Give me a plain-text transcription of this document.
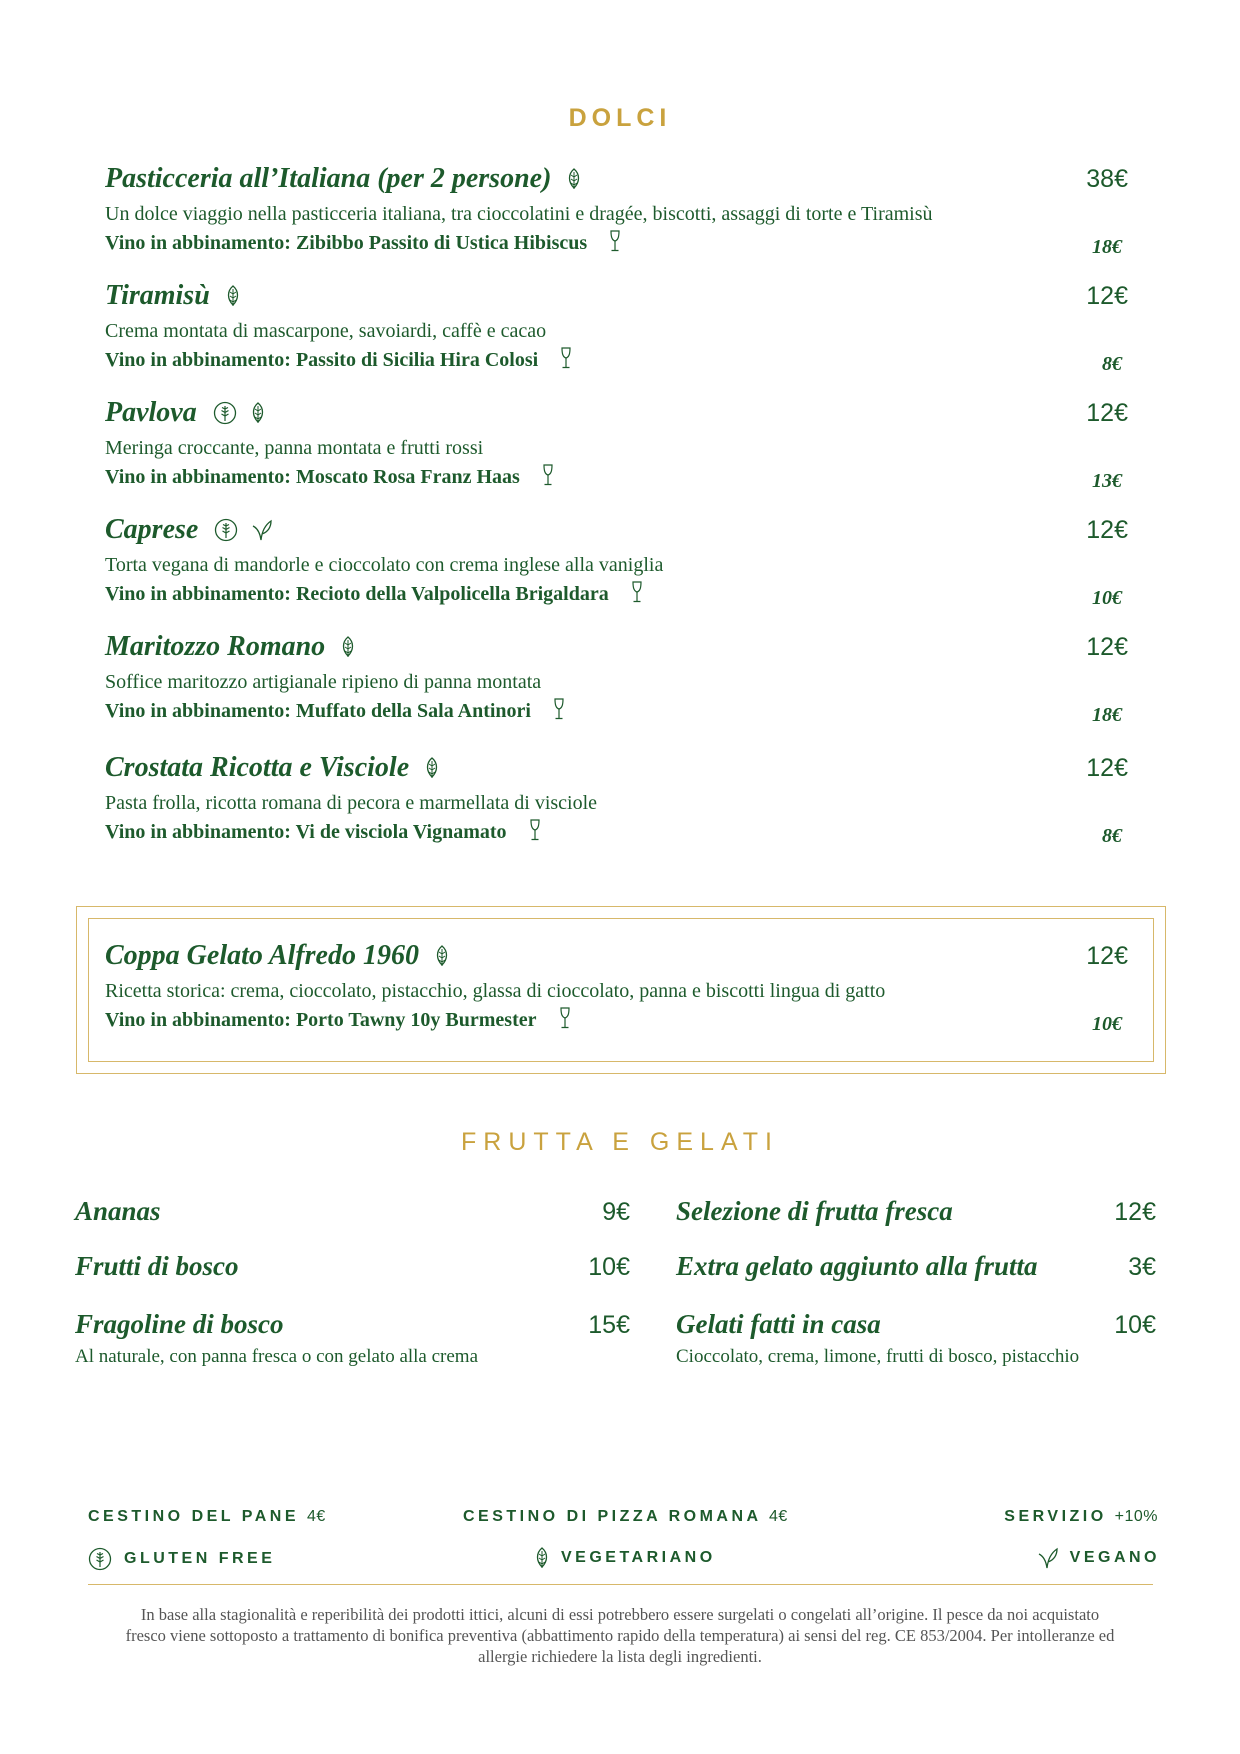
DOLCI
Pasticceria all’Italiana (per 2 persone)	38€
Un dolce viaggio nella pasticceria italiana, tra cioccolatini e dragée, biscotti, assaggi di torte e Tiramisù
Vino in abbinamento: Zibibbo Passito di Ustica Hibiscus	18€
Tiramisù	12€
Crema montata di mascarpone, savoiardi, caffè e cacao
Vino in abbinamento: Passito di Sicilia Hira Colosi	8€
Pavlova	12€
Meringa croccante, panna montata e frutti rossi
Vino in abbinamento: Moscato Rosa Franz Haas	13€
Caprese	12€
Torta vegana di mandorle e cioccolato con crema inglese alla vaniglia
Vino in abbinamento: Recioto della Valpolicella Brigaldara	10€
Maritozzo Romano	12€
Soffice maritozzo artigianale ripieno di panna montata
Vino in abbinamento: Muffato della Sala Antinori	18€
Crostata Ricotta e Visciole	12€
Pasta frolla, ricotta romana di pecora e marmellata di visciole
Vino in abbinamento: Vi de visciola Vignamato	8€
Coppa Gelato Alfredo 1960	12€
Ricetta storica: crema, cioccolato, pistacchio, glassa di cioccolato, panna e biscotti lingua di gatto
Vino in abbinamento: Porto Tawny 10y Burmester	10€
FRUTTA E GELATI
Ananas	9€
Frutti di bosco	10€
Fragoline di bosco	15€
Al naturale, con panna fresca o con gelato alla crema
Selezione di frutta fresca	12€
Extra gelato aggiunto alla frutta	3€
Gelati fatti in casa	10€
Cioccolato, crema, limone, frutti di bosco, pistacchio
CESTINO DEL PANE 4€	CESTINO DI PIZZA ROMANA 4€	SERVIZIO +10%
GLUTEN FREE	VEGETARIANO	VEGANO

In base alla stagionalità e reperibilità dei prodotti ittici, alcuni di essi potrebbero essere surgelati o congelati all’origine. Il pesce da noi acquistato fresco viene sottoposto a trattamento di bonifica preventiva (abbattimento rapido della temperatura) ai sensi del reg. CE 853/2004. Per intolleranze ed allergie richiedere la lista degli ingredienti.
